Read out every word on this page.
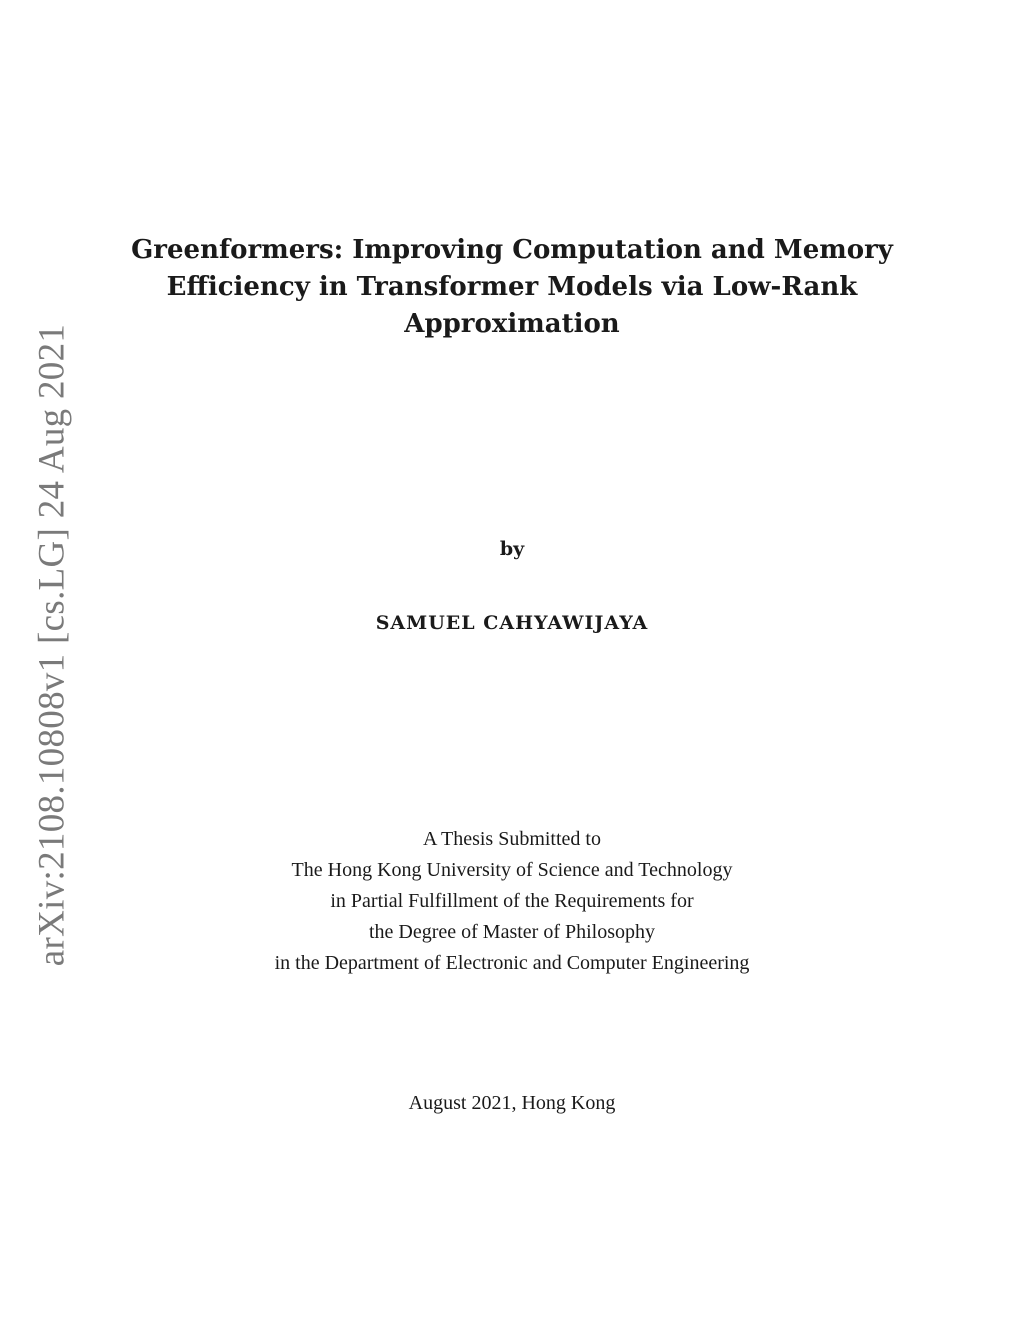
arXiv:2108.10808v1 [cs.LG] 24 Aug 2021
Greenformers: Improving Computation and Memory
Efficiency in Transformer Models via Low-Rank
Approximation
by
SAMUEL CAHYAWIJAYA
A Thesis Submitted to
The Hong Kong University of Science and Technology
in Partial Fulfillment of the Requirements for
the Degree of Master of Philosophy
in the Department of Electronic and Computer Engineering
August 2021, Hong Kong
